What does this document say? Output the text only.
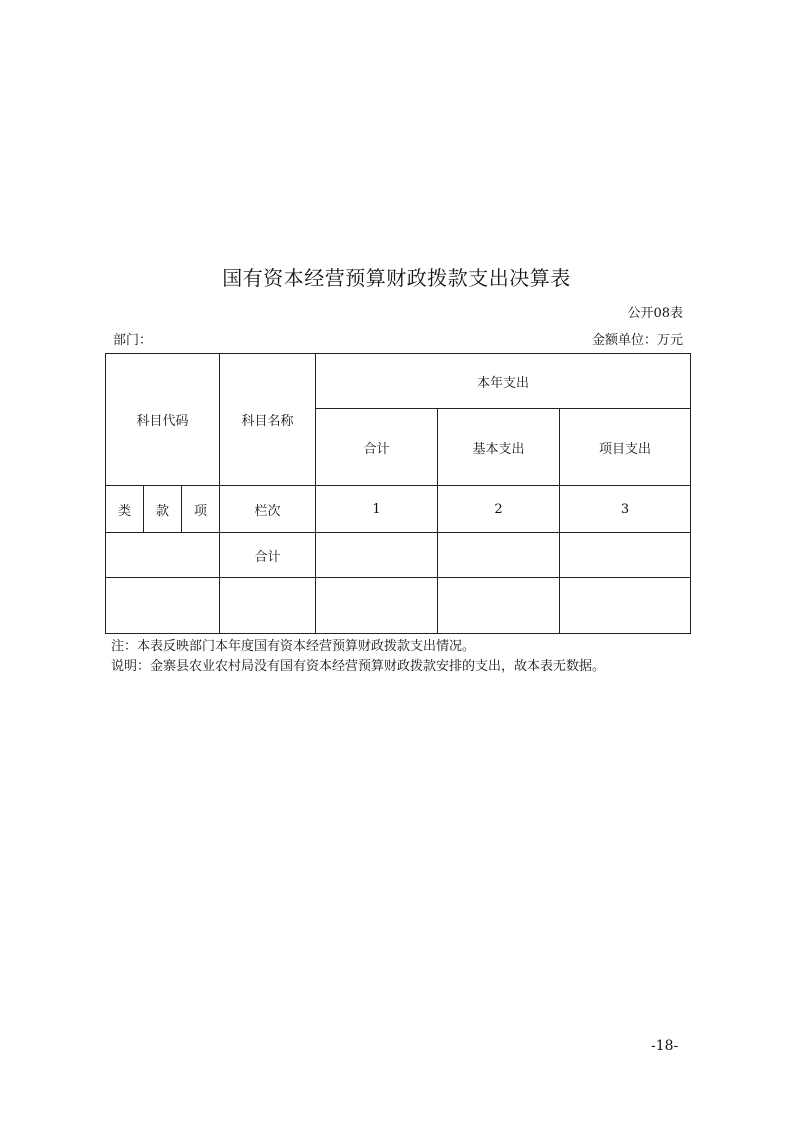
国有资本经营预算财政拨款支出决算表
公开08表
部门：	金额单位：万元
科目代码			科目名称	本年支出		
				合计	基本支出	项目支出
类	款	项	栏次	1	2	3
			合计			

注：本表反映部门本年度国有资本经营预算财政拨款支出情况。
说明：金寨县农业农村局没有国有资本经营预算财政拨款安排的支出，故本表无数据。
-18-
